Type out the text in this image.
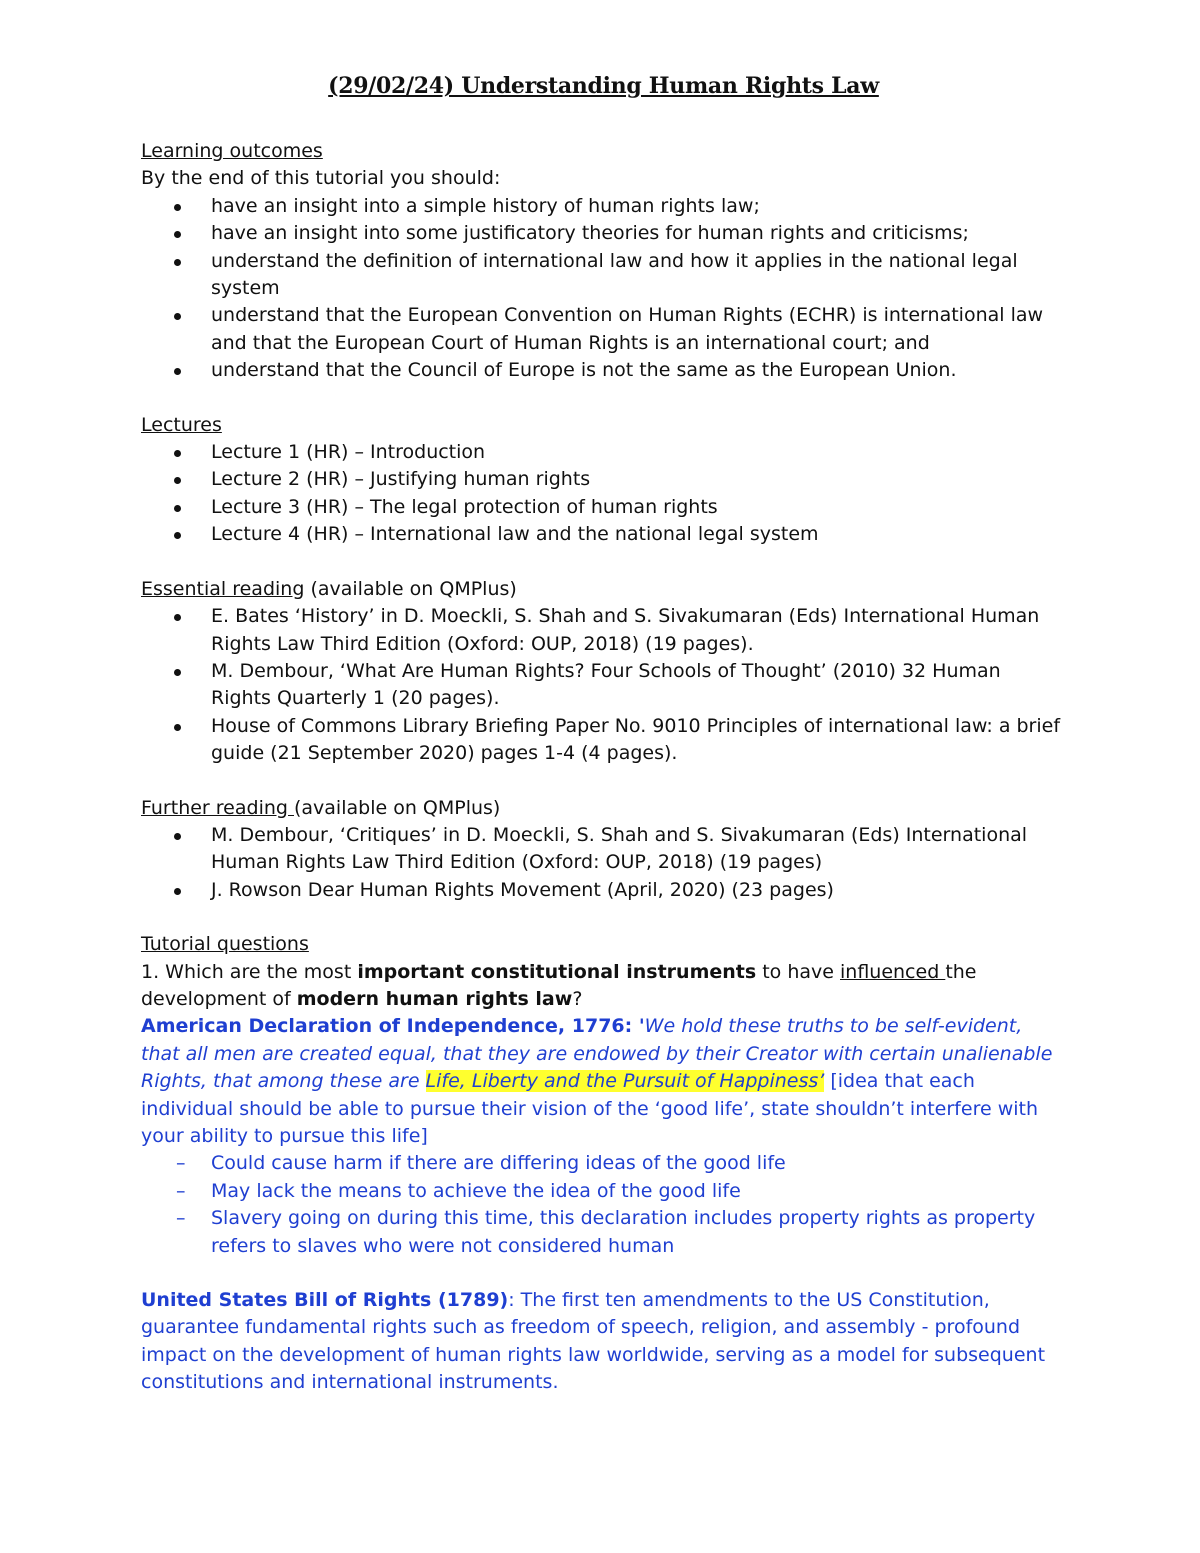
(29/02/24) Understanding Human Rights Law
Learning outcomes
By the end of this tutorial you should:
have an insight into a simple history of human rights law;
have an insight into some justificatory theories for human rights and criticisms;
understand the definition of international law and how it applies in the national legal system
understand that the European Convention on Human Rights (ECHR) is international law and that the European Court of Human Rights is an international court; and
understand that the Council of Europe is not the same as the European Union.
Lectures
Lecture 1 (HR) – Introduction
Lecture 2 (HR) – Justifying human rights
Lecture 3 (HR) – The legal protection of human rights
Lecture 4 (HR) – International law and the national legal system
Essential reading (available on QMPlus)
E. Bates ‘History’ in D. Moeckli, S. Shah and S. Sivakumaran (Eds) International Human Rights Law Third Edition (Oxford: OUP, 2018) (19 pages).
M. Dembour, ‘What Are Human Rights? Four Schools of Thought’ (2010) 32 Human Rights Quarterly 1 (20 pages).
House of Commons Library Briefing Paper No. 9010 Principles of international law: a brief guide (21 September 2020) pages 1-4 (4 pages).
Further reading (available on QMPlus)
M. Dembour, ‘Critiques’ in D. Moeckli, S. Shah and S. Sivakumaran (Eds) International Human Rights Law Third Edition (Oxford: OUP, 2018) (19 pages)
J. Rowson Dear Human Rights Movement (April, 2020) (23 pages)
Tutorial questions
1. Which are the most important constitutional instruments to have influenced the development of modern human rights law?
American Declaration of Independence, 1776: 'We hold these truths to be self-evident, that all men are created equal, that they are endowed by their Creator with certain unalienable Rights, that among these are Life, Liberty and the Pursuit of Happiness’ [idea that each individual should be able to pursue their vision of the ‘good life’, state shouldn’t interfere with your ability to pursue this life]
– Could cause harm if there are differing ideas of the good life
– May lack the means to achieve the idea of the good life
– Slavery going on during this time, this declaration includes property rights as property refers to slaves who were not considered human
United States Bill of Rights (1789): The first ten amendments to the US Constitution, guarantee fundamental rights such as freedom of speech, religion, and assembly - profound impact on the development of human rights law worldwide, serving as a model for subsequent constitutions and international instruments.
